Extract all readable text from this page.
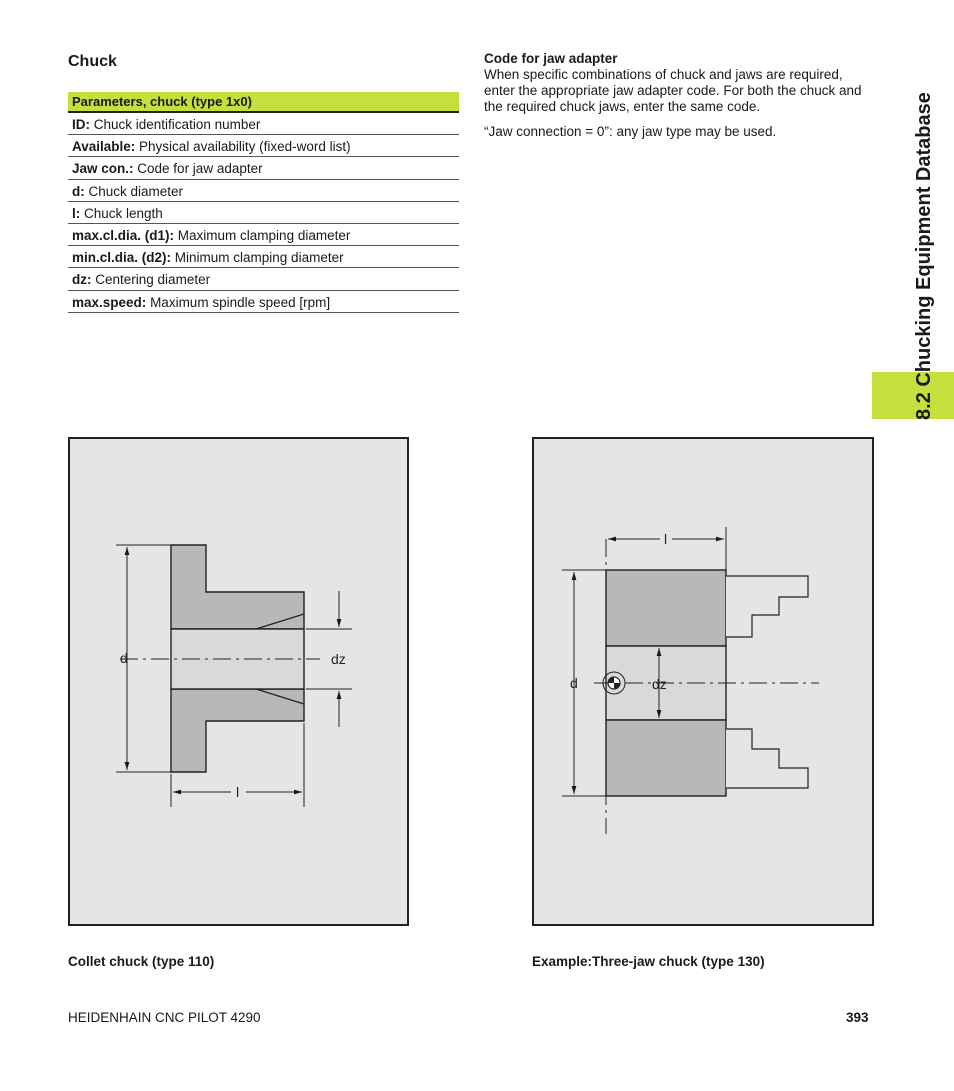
Chuck
Parameters, chuck (type 1x0)
ID: Chuck identification number
Available: Physical availability (fixed-word list)
Jaw con.: Code for jaw adapter
d: Chuck diameter
l: Chuck length
max.cl.dia. (d1): Maximum clamping diameter
min.cl.dia. (d2): Minimum clamping diameter
dz: Centering diameter
max.speed: Maximum spindle speed [rpm]

Code for jaw adapter

When specific combinations of chuck and jaws are required, enter the appropriate jaw adapter code. For both the chuck and the required chuck jaws, enter the same code.

“Jaw connection = 0”: any jaw type may be used.	8.2 Chucking Equipment Database
d	dz
l
Collet chuck (type 110)
d	dz
l
Example:Three-jaw chuck (type 130)
HEIDENHAIN CNC PILOT 4290	393
